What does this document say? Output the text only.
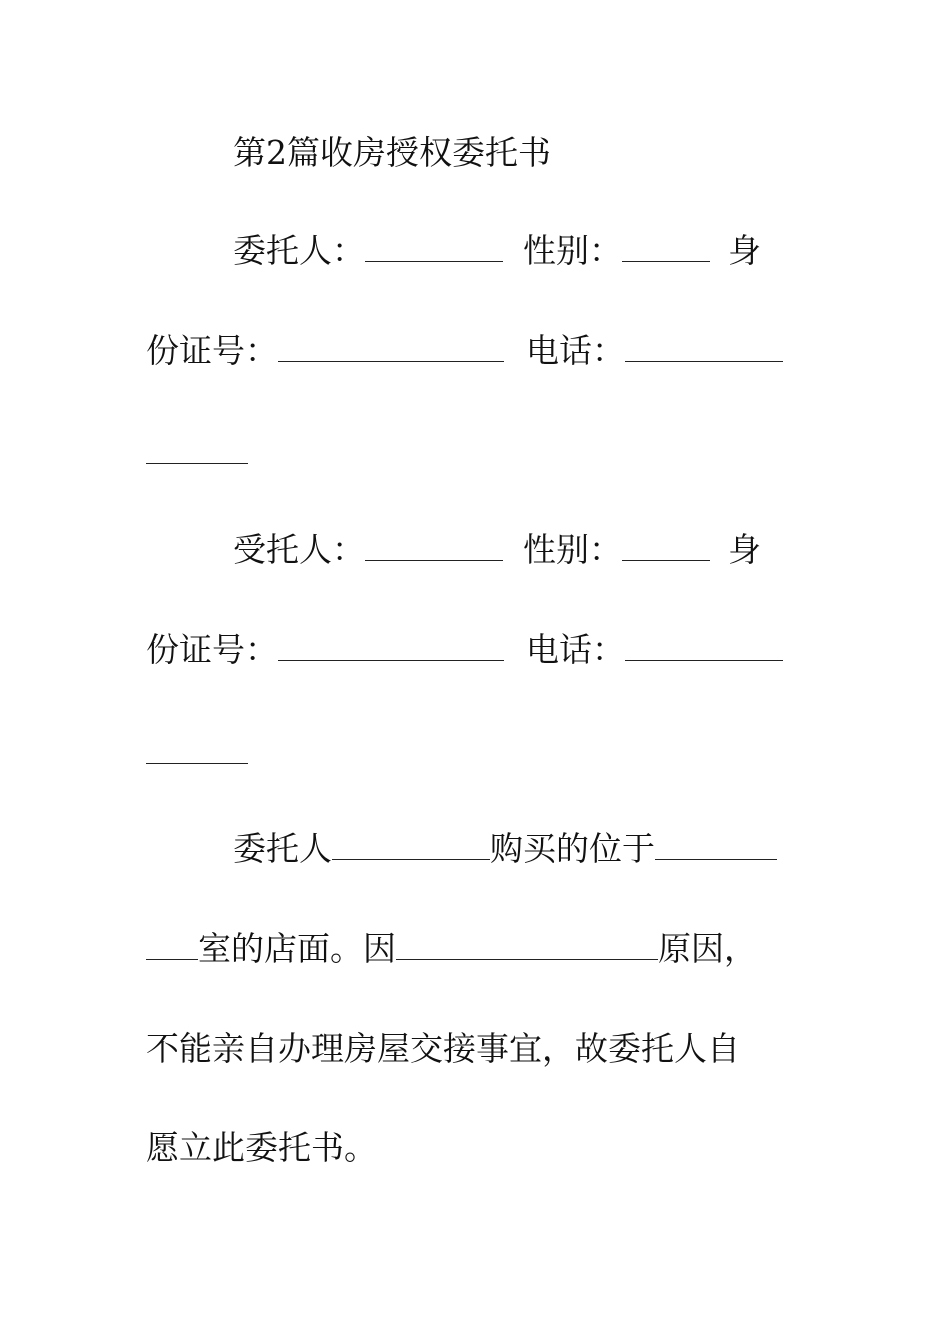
第2篇收房授权委托书
委托人：	性别：	身
份证号：	电话：
受托人：	性别：	身
份证号：	电话：
委托人	购买的位于
室的店面。因	原因，
不能亲自办理房屋交接事宜，故委托人自
愿立此委托书。
